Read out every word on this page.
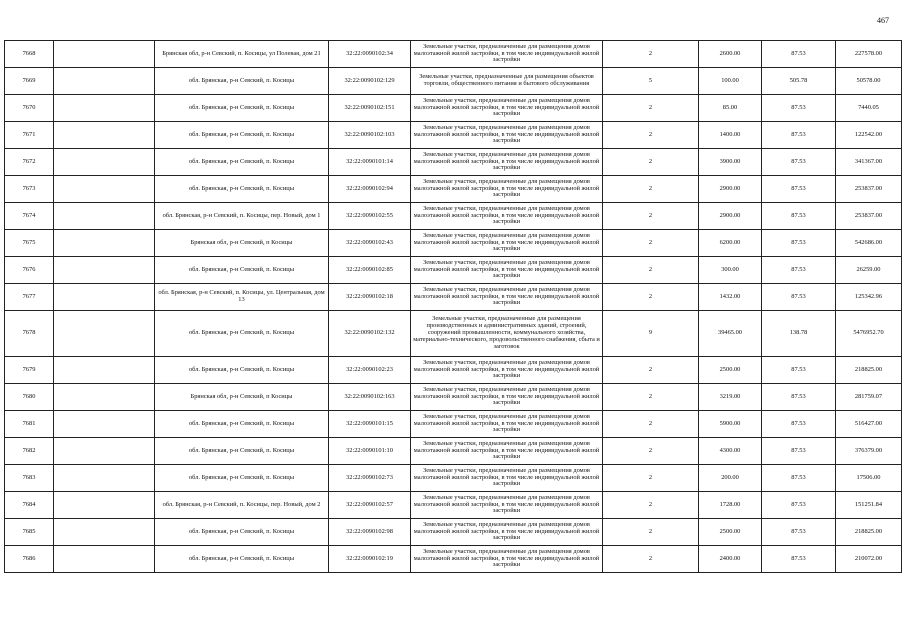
467
7668		Брянская обл, р-н Севский, п. Косицы, ул Полевая, дом 21	32:22:0090102:34	Земельные участки, предназначенные для размещения домов малоэтажной жилой застройки, в том числе индивидуальной жилой застройки	2	2600.00	87.53	227578.00
7669		обл. Брянская, р-н Севский, п. Косицы	32:22:0090102:129	Земельные участки, предназначенные для размещения объектов торговли, общественного питания и бытового обслуживания	5	100.00	505.78	50578.00
7670		обл. Брянская, р-н Севский, п. Косицы	32:22:0090102:151	Земельные участки, предназначенные для размещения домов малоэтажной жилой застройки, в том числе индивидуальной жилой застройки	2	85.00	87.53	7440.05
7671		обл. Брянская, р-н Севский, п. Косицы	32:22:0090102:103	Земельные участки, предназначенные для размещения домов малоэтажной жилой застройки, в том числе индивидуальной жилой застройки	2	1400.00	87.53	122542.00
7672		обл. Брянская, р-н Севский, п. Косицы	32:22:0090101:14	Земельные участки, предназначенные для размещения домов малоэтажной жилой застройки, в том числе индивидуальной жилой застройки	2	3900.00	87.53	341367.00
7673		обл. Брянская, р-н Севский, п. Косицы	32:22:0090102:94	Земельные участки, предназначенные для размещения домов малоэтажной жилой застройки, в том числе индивидуальной жилой застройки	2	2900.00	87.53	253837.00
7674		обл. Брянская, р-н Севский, п. Косицы, пер. Новый, дом 1	32:22:0090102:55	Земельные участки, предназначенные для размещения домов малоэтажной жилой застройки, в том числе индивидуальной жилой застройки	2	2900.00	87.53	253837.00
7675		Брянская обл, р-н Севский, п Косицы	32:22:0090102:43	Земельные участки, предназначенные для размещения домов малоэтажной жилой застройки, в том числе индивидуальной жилой застройки	2	6200.00	87.53	542686.00
7676		обл. Брянская, р-н Севский, п. Косицы	32:22:0090102:85	Земельные участки, предназначенные для размещения домов малоэтажной жилой застройки, в том числе индивидуальной жилой застройки	2	300.00	87.53	26259.00
7677		обл. Брянская, р-н Севский, п. Косицы, ул. Центральная, дом 13	32:22:0090102:18	Земельные участки, предназначенные для размещения домов малоэтажной жилой застройки, в том числе индивидуальной жилой застройки	2	1432.00	87.53	125342.96
7678		обл. Брянская, р-н Севский, п. Косицы	32:22:0090102:132	Земельные участки, предназначенные для размещения производственных и административных зданий, строений, сооружений промышленности, коммунального хозяйства, материально-технического, продовольственного снабжения, сбыта и заготовок	9	39465.00	138.78	5476952.70
7679		обл. Брянская, р-н Севский, п. Косицы	32:22:0090102:23	Земельные участки, предназначенные для размещения домов малоэтажной жилой застройки, в том числе индивидуальной жилой застройки	2	2500.00	87.53	218825.00
7680		Брянская обл, р-н Севский, п Косицы	32:22:0090102:163	Земельные участки, предназначенные для размещения домов малоэтажной жилой застройки, в том числе индивидуальной жилой застройки	2	3219.00	87.53	281759.07
7681		обл. Брянская, р-н Севский, п. Косицы	32:22:0090101:15	Земельные участки, предназначенные для размещения домов малоэтажной жилой застройки, в том числе индивидуальной жилой застройки	2	5900.00	87.53	516427.00
7682		обл. Брянская, р-н Севский, п. Косицы	32:22:0090101:10	Земельные участки, предназначенные для размещения домов малоэтажной жилой застройки, в том числе индивидуальной жилой застройки	2	4300.00	87.53	376379.00
7683		обл. Брянская, р-н Севский, п. Косицы	32:22:0090102:73	Земельные участки, предназначенные для размещения домов малоэтажной жилой застройки, в том числе индивидуальной жилой застройки	2	200.00	87.53	17506.00
7684		обл. Брянская, р-н Севский, п. Косицы, пер. Новый, дом 2	32:22:0090102:57	Земельные участки, предназначенные для размещения домов малоэтажной жилой застройки, в том числе индивидуальной жилой застройки	2	1728.00	87.53	151251.84
7685		обл. Брянская, р-н Севский, п. Косицы	32:22:0090102:98	Земельные участки, предназначенные для размещения домов малоэтажной жилой застройки, в том числе индивидуальной жилой застройки	2	2500.00	87.53	218825.00
7686		обл. Брянская, р-н Севский, п. Косицы	32:22:0090102:19	Земельные участки, предназначенные для размещения домов малоэтажной жилой застройки, в том числе индивидуальной жилой застройки	2	2400.00	87.53	210072.00
